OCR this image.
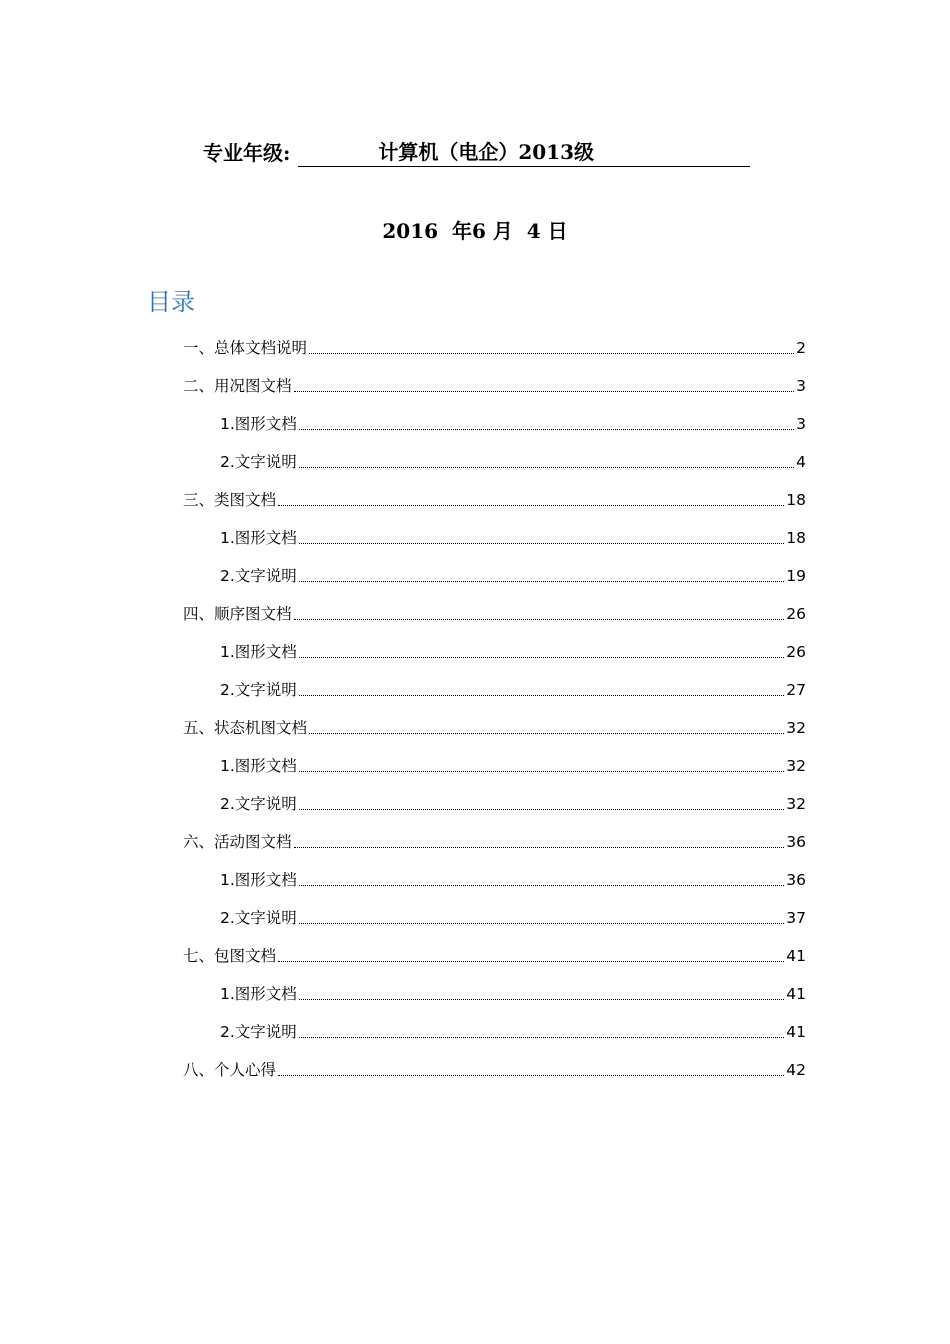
专业年级:	计算机（电企）2013级
2016  年6 月  4 日
目录
一、总体文档说明	2
二、用况图文档	3
1.图形文档	3
2.文字说明	4
三、类图文档	18
1.图形文档	18
2.文字说明	19
四、顺序图文档	26
1.图形文档	26
2.文字说明	27
五、状态机图文档	32
1.图形文档	32
2.文字说明	32
六、活动图文档	36
1.图形文档	36
2.文字说明	37
七、包图文档	41
1.图形文档	41
2.文字说明	41
八、个人心得	42
